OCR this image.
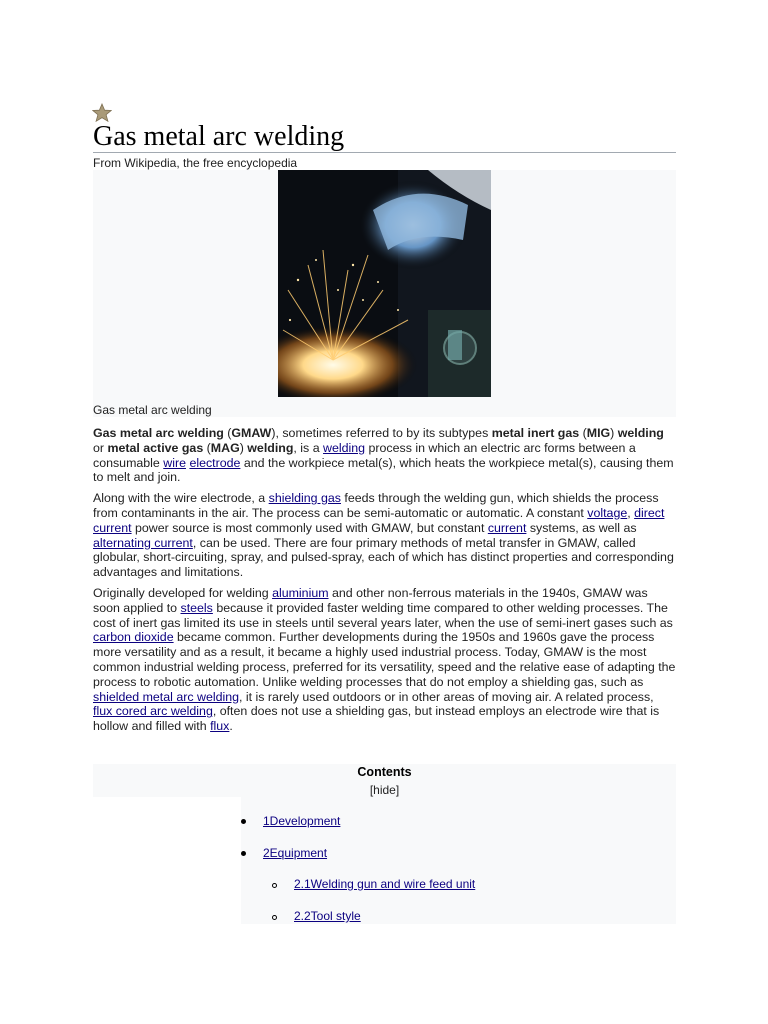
Gas metal arc welding
From Wikipedia, the free encyclopedia
Gas metal arc welding

Gas metal arc welding (GMAW), sometimes referred to by its subtypes metal inert gas (MIG) welding or metal active gas (MAG) welding, is a welding process in which an electric arc forms between a consumable wire electrode and the workpiece metal(s), which heats the workpiece metal(s), causing them to melt and join.

Along with the wire electrode, a shielding gas feeds through the welding gun, which shields the process from contaminants in the air. The process can be semi-automatic or automatic. A constant voltage, direct current power source is most commonly used with GMAW, but constant current systems, as well as alternating current, can be used. There are four primary methods of metal transfer in GMAW, called globular, short-circuiting, spray, and pulsed-spray, each of which has distinct properties and corresponding advantages and limitations.

Originally developed for welding aluminium and other non-ferrous materials in the 1940s, GMAW was soon applied to steels because it provided faster welding time compared to other welding processes. The cost of inert gas limited its use in steels until several years later, when the use of semi-inert gases such as carbon dioxide became common. Further developments during the 1950s and 1960s gave the process more versatility and as a result, it became a highly used industrial process. Today, GMAW is the most common industrial welding process, preferred for its versatility, speed and the relative ease of adapting the process to robotic automation. Unlike welding processes that do not employ a shielding gas, such as shielded metal arc welding, it is rarely used outdoors or in other areas of moving air. A related process, flux cored arc welding, often does not use a shielding gas, but instead employs an electrode wire that is hollow and filled with flux.

Contents
[hide]
1Development
2Equipment
2.1Welding gun and wire feed unit
2.2Tool style
